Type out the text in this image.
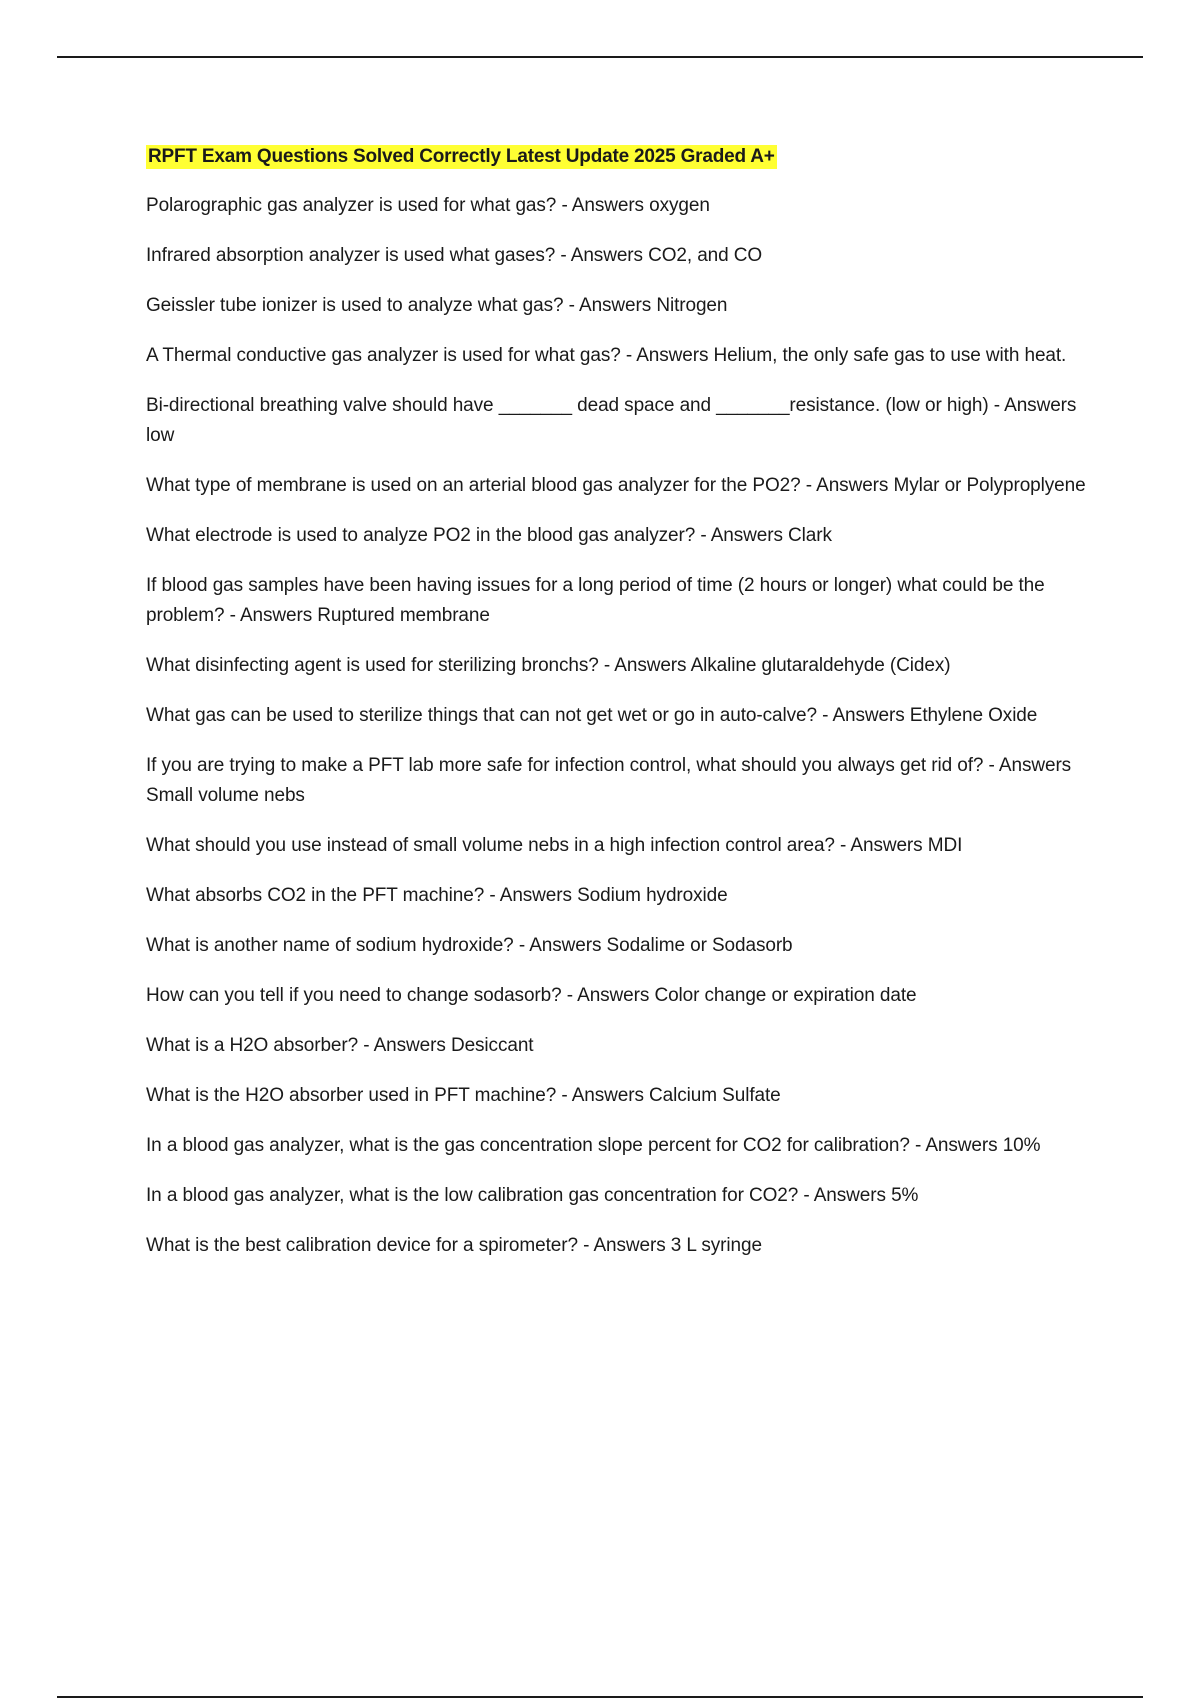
RPFT Exam Questions Solved Correctly Latest Update 2025 Graded A+
Polarographic gas analyzer is used for what gas? - Answers oxygen
Infrared absorption analyzer is used what gases? - Answers CO2, and CO
Geissler tube ionizer is used to analyze what gas? - Answers Nitrogen
A Thermal conductive gas analyzer is used for what gas? - Answers Helium, the only safe gas to use with heat.
Bi-directional breathing valve should have _______ dead space and _______resistance. (low or high) - Answers low
What type of membrane is used on an arterial blood gas analyzer for the PO2? - Answers Mylar or Polyproplyene
What electrode is used to analyze PO2 in the blood gas analyzer? - Answers Clark
If blood gas samples have been having issues for a long period of time (2 hours or longer) what could be the problem? - Answers Ruptured membrane
What disinfecting agent is used for sterilizing bronchs? - Answers Alkaline glutaraldehyde (Cidex)
What gas can be used to sterilize things that can not get wet or go in auto-calve? - Answers Ethylene Oxide
If you are trying to make a PFT lab more safe for infection control, what should you always get rid of? - Answers Small volume nebs
What should you use instead of small volume nebs in a high infection control area? - Answers MDI
What absorbs CO2 in the PFT machine? - Answers Sodium hydroxide
What is another name of sodium hydroxide? - Answers Sodalime or Sodasorb
How can you tell if you need to change sodasorb? - Answers Color change or expiration date
What is a H2O absorber? - Answers Desiccant
What is the H2O absorber used in PFT machine? - Answers Calcium Sulfate
In a blood gas analyzer, what is the gas concentration slope percent for CO2 for calibration? - Answers 10%
In a blood gas analyzer, what is the low calibration gas concentration for CO2? - Answers 5%
What is the best calibration device for a spirometer? - Answers 3 L syringe
